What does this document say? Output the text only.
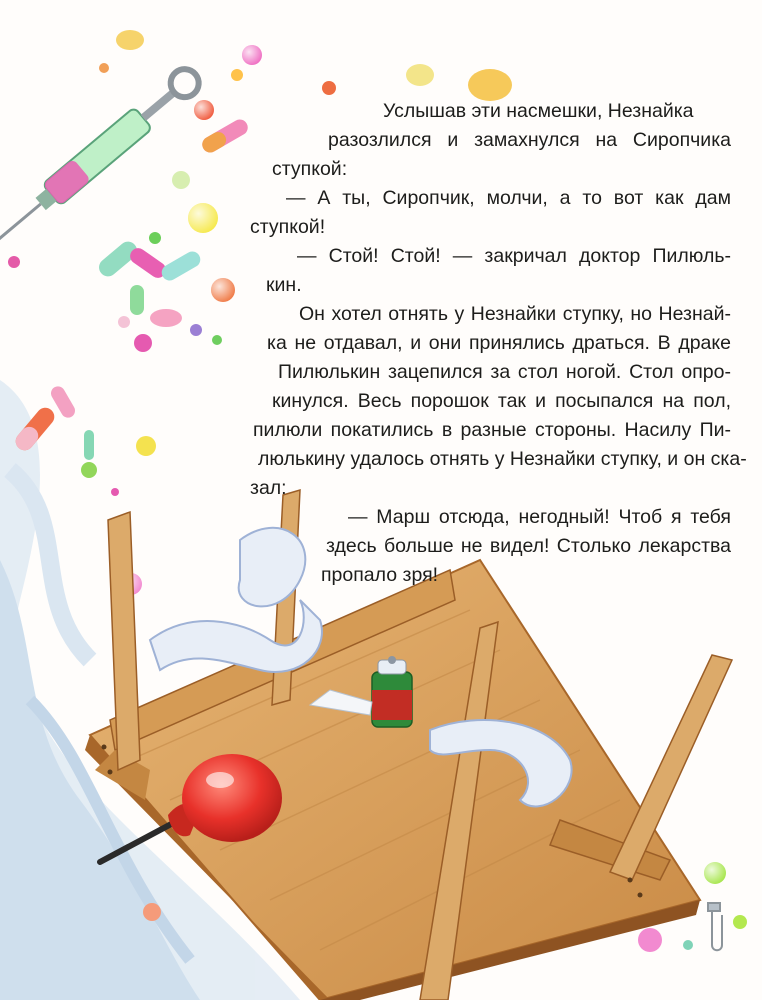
Услышав эти насмешки, Незнайка
разозлился и замахнулся на Сиропчика
ступкой:
— А ты, Сиропчик, молчи, а то вот как дам
ступкой!
— Стой! Стой! — закричал доктор Пилюль-
кин.
Он хотел отнять у Незнайки ступку, но Незнай-
ка не отдавал, и они принялись драться. В драке
Пилюлькин зацепился за стол ногой. Стол опро-
кинулся. Весь порошок так и посыпался на пол,
пилюли покатились в разные стороны. Насилу Пи-
люлькину удалось отнять у Незнайки ступку, и он ска-
зал:
— Марш отсюда, негодный! Чтоб я тебя
здесь больше не видел! Столько лекарства
пропало зря!
